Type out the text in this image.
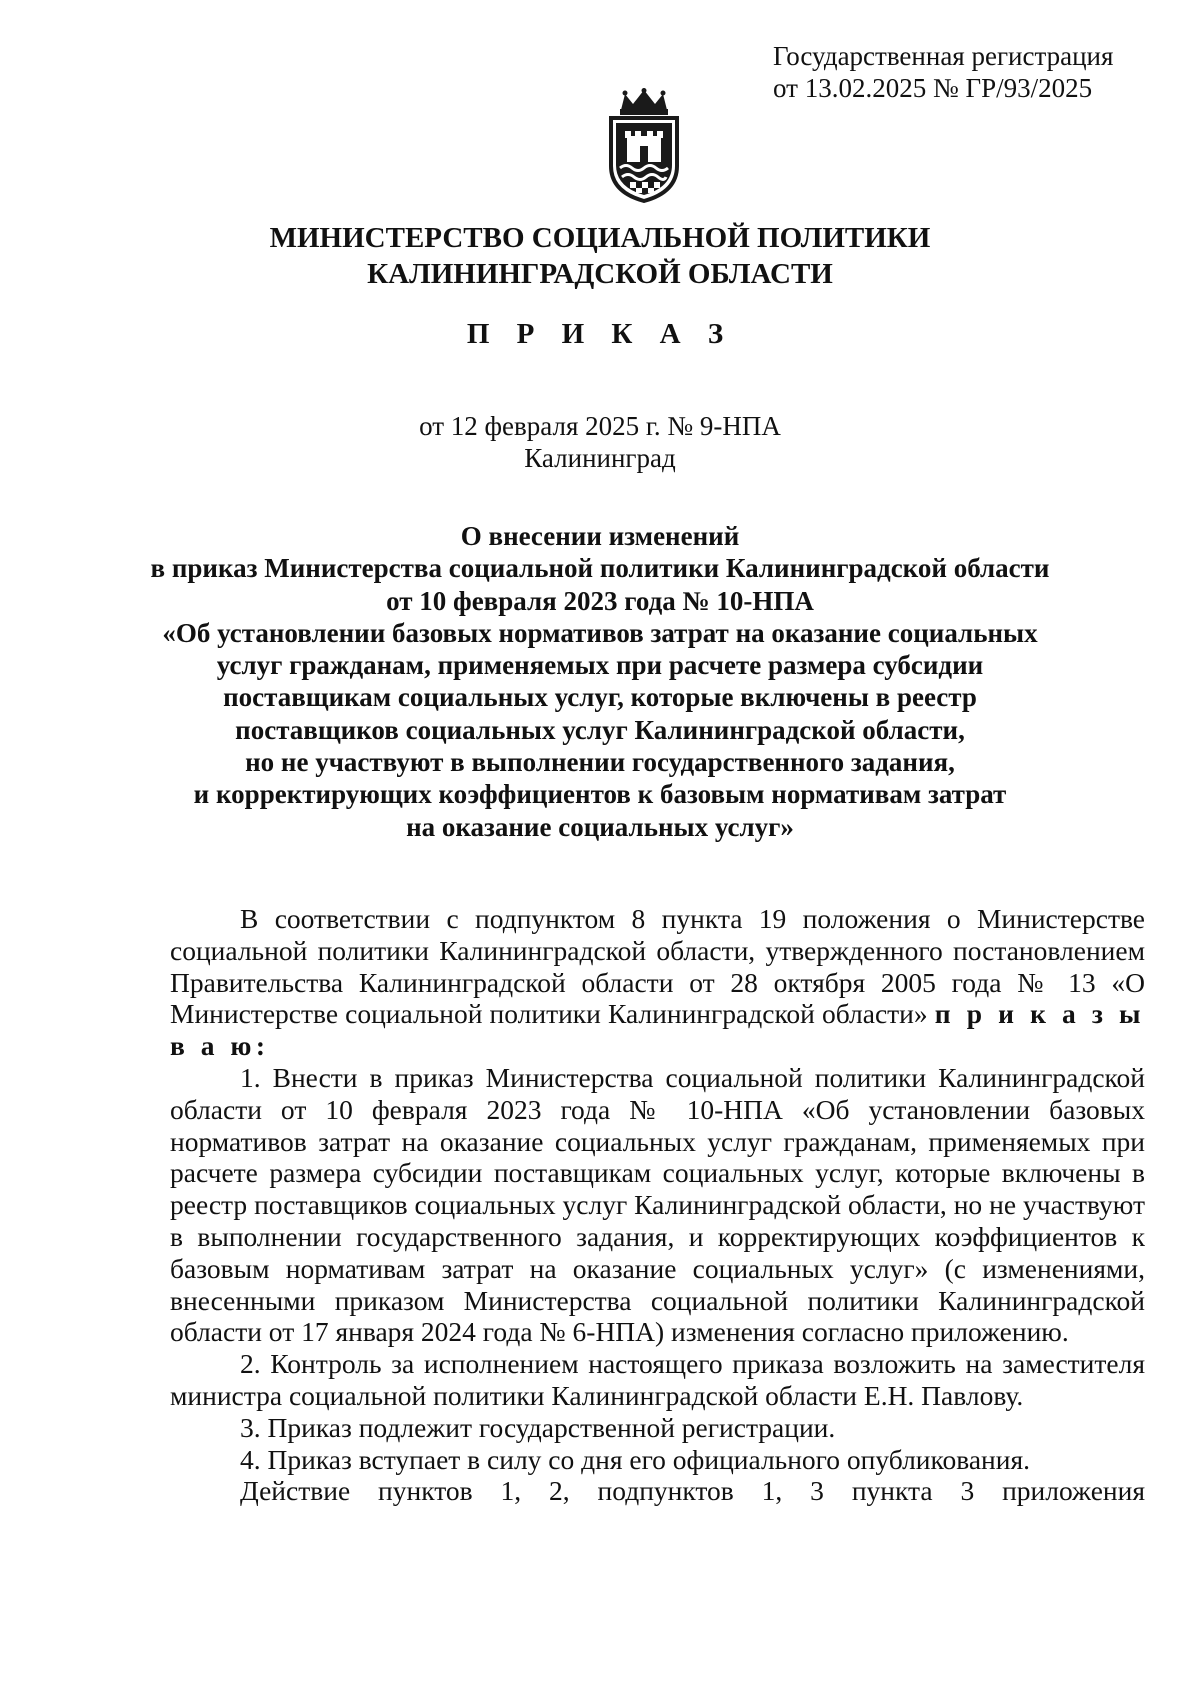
Государственная регистрация
от 13.02.2025 № ГР/93/2025
МИНИСТЕРСТВО СОЦИАЛЬНОЙ ПОЛИТИКИ
КАЛИНИНГРАДСКОЙ ОБЛАСТИ
П Р И К А З
от 12 февраля 2025 г. № 9-НПА
Калининград
О внесении изменений
в приказ Министерства социальной политики Калининградской области
от 10 февраля 2023 года № 10-НПА
«Об установлении базовых нормативов затрат на оказание социальных
услуг гражданам, применяемых при расчете размера субсидии
поставщикам социальных услуг, которые включены в реестр
поставщиков социальных услуг Калининградской области,
но не участвуют в выполнении государственного задания,
и корректирующих коэффициентов к базовым нормативам затрат
на оказание социальных услуг»

В соответствии с подпунктом 8 пункта 19 положения о Министерстве социальной политики Калининградской области, утвержденного постановлением Правительства Калининградской области от 28 октября 2005 года № 13 «О Министерстве социальной политики Калининградской области» п р и к а з ы в а ю:

1. Внести в приказ Министерства социальной политики Калининградской области от 10 февраля 2023 года № 10-НПА «Об установлении базовых нормативов затрат на оказание социальных услуг гражданам, применяемых при расчете размера субсидии поставщикам социальных услуг, которые включены в реестр поставщиков социальных услуг Калининградской области, но не участвуют в выполнении государственного задания, и корректирующих коэффициентов к базовым нормативам затрат на оказание социальных услуг» (с изменениями, внесенными приказом Министерства социальной политики Калининградской области от 17 января 2024 года № 6-НПА) изменения согласно приложению.

2. Контроль за исполнением настоящего приказа возложить на заместителя министра социальной политики Калининградской области Е.Н. Павлову.

3. Приказ подлежит государственной регистрации.

4. Приказ вступает в силу со дня его официального опубликования.

Действие пунктов 1, 2, подпунктов 1, 3 пункта 3 приложения
